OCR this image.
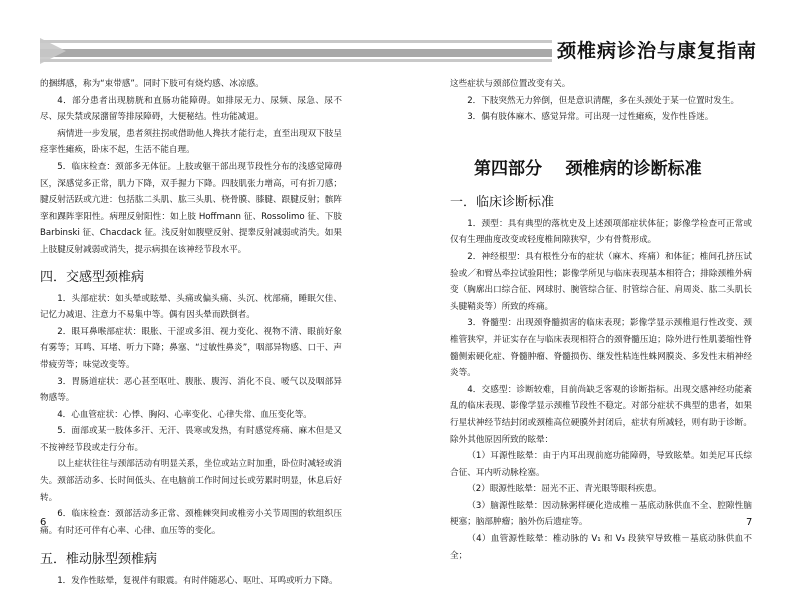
颈椎病诊治与康复指南

的捆绑感，称为“束带感”。同时下肢可有烧灼感、冰凉感。

4．部分患者出现膀胱和直肠功能障碍。如排尿无力、尿频、尿急、尿不尽、尿失禁或尿潴留等排尿障碍，大便秘结。性功能减退。

病情进一步发展，患者须拄拐或借助他人搀扶才能行走，直至出现双下肢呈痉挛性瘫痪，卧床不起，生活不能自理。

5．临床检查：颈部多无体征。上肢或躯干部出现节段性分布的浅感觉障碍区，深感觉多正常，肌力下降，双手握力下降。四肢肌张力增高，可有折刀感；腱反射活跃或亢进：包括肱二头肌、肱三头肌、桡骨膜、膝腱、跟腱反射；髌阵挛和踝阵挛阳性。病理反射阳性：如上肢 Hoffmann 征、Rossolimo 征、下肢 Barbinski 征、Chacdack 征。浅反射如腹壁反射、提睾反射减弱或消失。如果上肢腱反射减弱或消失，提示病损在该神经节段水平。

四．交感型颈椎病

1．头部症状：如头晕或眩晕、头痛或偏头痛、头沉、枕部痛，睡眠欠佳、记忆力减退、注意力不易集中等。偶有因头晕而跌倒者。

2．眼耳鼻喉部症状：眼胀、干涩或多泪、视力变化、视物不清、眼前好象有雾等；耳鸣、耳堵、听力下降；鼻塞、“过敏性鼻炎”，咽部异物感、口干、声带疲劳等；味觉改变等。

3．胃肠道症状：恶心甚至呕吐、腹胀、腹泻、消化不良、嗳气以及咽部异物感等。

4．心血管症状：心悸、胸闷、心率变化、心律失常、血压变化等。

5．面部或某一肢体多汗、无汗、畏寒或发热，有时感觉疼痛、麻木但是又不按神经节段或走行分布。

以上症状往往与颈部活动有明显关系，坐位或站立时加重，卧位时减轻或消失。颈部活动多、长时间低头、在电脑前工作时间过长或劳累时明显，休息后好转。

6．临床检查：颈部活动多正常、颈椎棘突间或椎旁小关节周围的软组织压痛。有时还可伴有心率、心律、血压等的变化。

五．椎动脉型颈椎病

1．发作性眩晕，复视伴有眼震。有时伴随恶心、呕吐、耳鸣或听力下降。

6

这些症状与颈部位置改变有关。

2．下肢突然无力猝倒，但是意识清醒，多在头颈处于某一位置时发生。

3．偶有肢体麻木、感觉异常。可出现一过性瘫痪，发作性昏迷。

第四部分    颈椎病的诊断标准

一．临床诊断标准

1．颈型：具有典型的落枕史及上述颈项部症状体征；影像学检查可正常或仅有生理曲度改变或轻度椎间隙狭窄，少有骨赘形成。

2．神经根型：具有根性分布的症状（麻木、疼痛）和体征；椎间孔挤压试验或／和臂丛牵拉试验阳性；影像学所见与临床表现基本相符合；排除颈椎外病变（胸廓出口综合征、网球肘、腕管综合征、肘管综合征、肩周炎、肱二头肌长头腱鞘炎等）所致的疼痛。

3．脊髓型：出现颈脊髓损害的临床表现；影像学显示颈椎退行性改变、颈椎管狭窄，并证实存在与临床表现相符合的颈脊髓压迫；除外进行性肌萎缩性脊髓侧索硬化症、脊髓肿瘤、脊髓损伤、继发性粘连性蛛网膜炎、多发性末梢神经炎等。

4．交感型：诊断较难，目前尚缺乏客观的诊断指标。出现交感神经功能紊乱的临床表现、影像学显示颈椎节段性不稳定。对部分症状不典型的患者，如果行星状神经节结封闭或颈椎高位硬膜外封闭后，症状有所减轻，则有助于诊断。除外其他原因所致的眩晕：

（1）耳源性眩晕：由于内耳出现前庭功能障碍，导致眩晕。如美尼耳氏综合征、耳内听动脉栓塞。

（2）眼源性眩晕：屈光不正、青光眼等眼科疾患。

（3）脑源性眩晕：因动脉粥样硬化造成椎－基底动脉供血不全、腔隙性脑梗塞；脑部肿瘤；脑外伤后遗症等。

（4）血管源性眩晕：椎动脉的 V₁ 和 V₃ 段狭窄导致椎－基底动脉供血不全；

7
